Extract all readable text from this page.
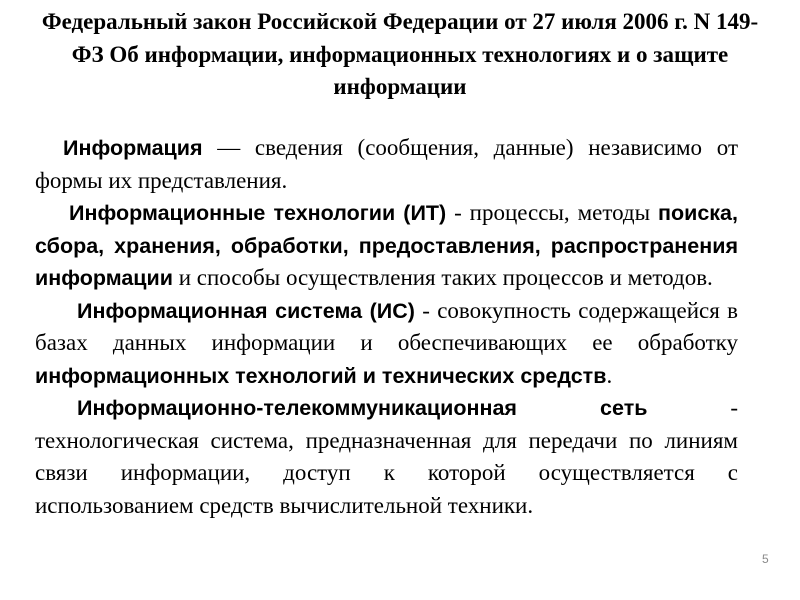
Федеральный закон Российской Федерации от 27 июля 2006 г. N 149-ФЗ Об информации, информационных технологиях и о защите информации

Информация — сведения (сообщения, данные) независимо от формы их представления.

Информационные технологии (ИТ) - процессы, методы поиска, сбора, хранения, обработки, предоставления, распространения информации и способы осуществления таких процессов и методов.

Информационная система (ИС) - совокупность содержащейся в базах данных информации и обеспечивающих ее обработку информационных технологий и технических средств.

Информационно-телекоммуникационная сеть - технологическая система, предназначенная для передачи по линиям связи информации, доступ к которой осуществляется с использованием средств вычислительной техники.

5
